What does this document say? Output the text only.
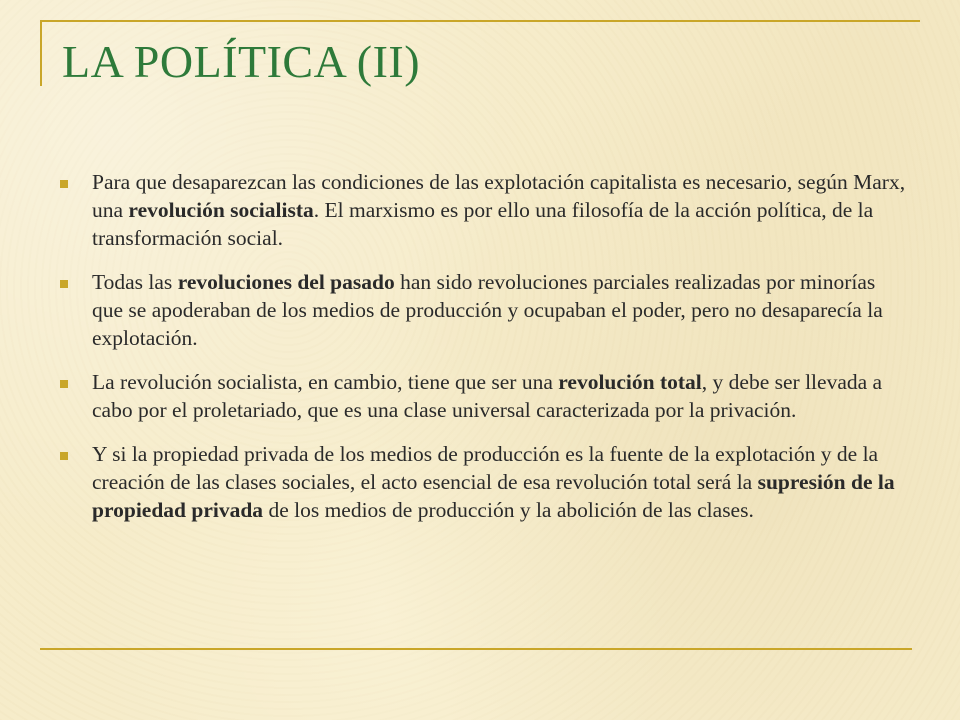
LA POLÍTICA (II)
Para que desaparezcan las condiciones de las explotación capitalista es necesario, según Marx, una revolución socialista. El marxismo es por ello una filosofía de la acción política, de la transformación social.
Todas las revoluciones del pasado han sido revoluciones parciales realizadas por minorías que se apoderaban de los medios de producción y ocupaban el poder, pero no desaparecía la explotación.
La revolución socialista, en cambio, tiene que ser una revolución total, y debe ser llevada a cabo por el proletariado, que es una clase universal caracterizada por la privación.
Y si la propiedad privada de los medios de producción es la fuente de la explotación y de la creación de las clases sociales, el acto esencial de esa revolución total será la supresión de la propiedad privada de los medios de producción y la abolición de las clases.
